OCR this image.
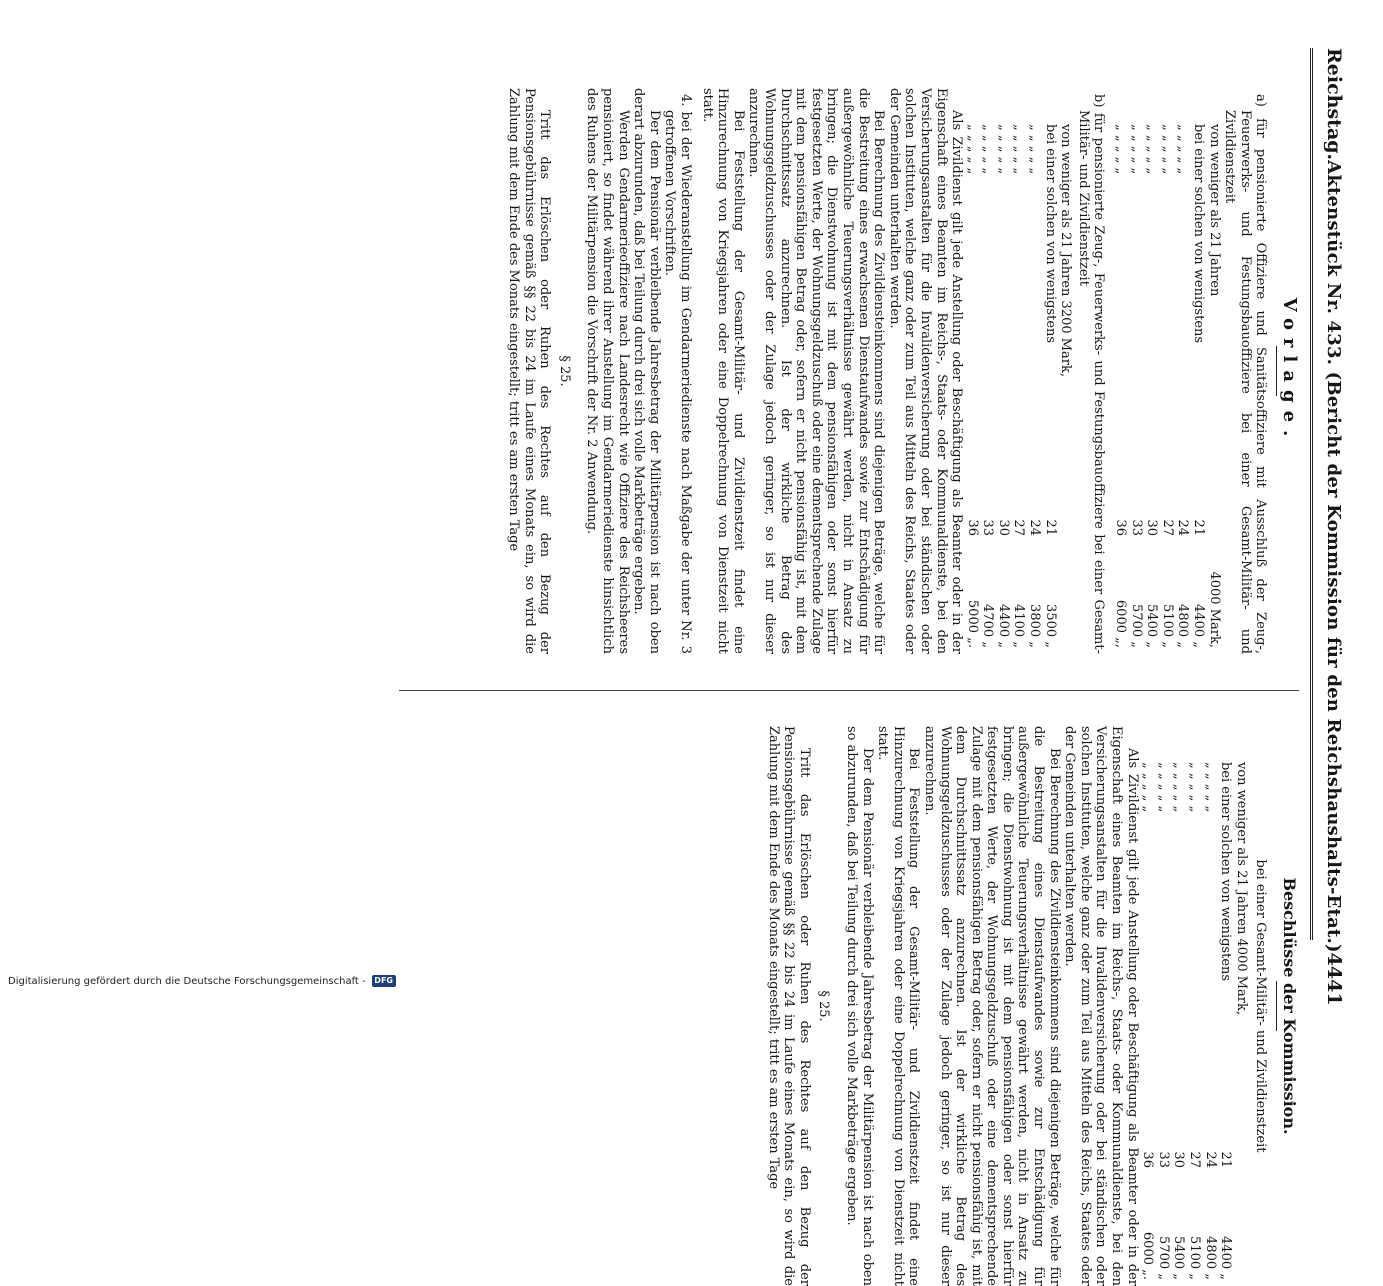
Reichstag.
Aktenstück Nr. 433. (Bericht der Kommission für den Reichshaushalts-Etat.)
4441
Vorlage.

a) für pensionierte Offiziere und Sanitätsoffiziere mit Ausschluß der Zeug-, Feuerwerks- und Festungsbauoffiziere bei einer Gesamt-Militär- und Zivildienstzeit

von weniger als 21 Jahren
4000 Mark,
bei einer solchen von wenigstens
21
4400 „
„ „ „ „ „
24
4800 „
„ „ „ „ „
27
5100 „
„ „ „ „ „
30
5400 „
„ „ „ „ „
33
5700 „
„ „ „ „ „
36
6000 „,

b) für pensionierte Zeug-, Feuerwerks- und Festungsbauoffiziere bei einer Gesamt-Militär- und Zivildienstzeit

von weniger als 21 Jahren 3200 Mark,

bei einer solchen von wenigstens
21
3500 „
„ „ „ „ „
24
3800 „
„ „ „ „ „
27
4100 „
„ „ „ „ „
30
4400 „
„ „ „ „ „
33
4700 „
„ „ „ „ „
36
5000 „.

Als Zivildienst gilt jede Anstellung oder Beschäftigung als Beamter oder in der Eigenschaft eines Beamten im Reichs-, Staats- oder Kommunaldienste, bei den Versicherungsanstalten für die Invalidenversicherung oder bei ständischen oder solchen Instituten, welche ganz oder zum Teil aus Mitteln des Reichs, Staates oder der Gemeinden unterhalten werden.

Bei Berechnung des Zivildiensteinkommens sind diejenigen Beträge, welche für die Bestreitung eines erwachsenen Dienstaufwandes sowie zur Entschädigung für außergewöhnliche Teuerungsverhältnisse gewährt werden, nicht in Ansatz zu bringen; die Dienstwohnung ist mit dem pensionsfähigen oder sonst hierfür festgesetzten Werte, der Wohnungsgeldzuschuß oder eine dementsprechende Zulage mit dem pensionsfähigen Betrag oder, sofern er nicht pensionsfähig ist, mit dem Durchschnittssatz anzurechnen. Ist der wirkliche Betrag des Wohnungsgeldzuschusses oder der Zulage jedoch geringer, so ist nur dieser anzurechnen.

Bei Feststellung der Gesamt-Militär- und Zivildienstzeit findet eine Hinzurechnung von Kriegsjahren oder eine Doppelrechnung von Dienstzeit nicht statt.

4. bei der Wiederanstellung im Gendarmeriedienste nach Maßgabe der unter Nr. 3 getroffenen Vorschriften.

Der dem Pensionär verbleibende Jahresbetrag der Militärpension ist nach oben derart abzurunden, daß bei Teilung durch drei sich volle Markbeträge ergeben.

Werden Gendarmerieoffiziere nach Landesrecht wie Offiziere des Reichsheeres pensioniert, so findet während ihrer Anstellung im Gendarmeriedienste hinsichtlich des Ruhens der Militärpension die Vorschrift der Nr. 2 Anwendung.

§ 25.

Tritt das Erlöschen oder Ruhen des Rechtes auf den Bezug der Pensionsgebührnisse gemäß §§ 22 bis 24 im Laufe eines Monats ein, so wird die Zahlung mit dem Ende des Monats eingestellt; tritt es am ersten Tage

Beschlüsse der Kommission.

bei einer Gesamt-Militär- und Zivildienstzeit

von weniger als 21 Jahren 4000 Mark,

bei einer solchen von wenigstens
21
4400 „
„ „ „ „ „
24
4800 „
„ „ „ „ „
27
5100 „
„ „ „ „ „
30
5400 „
„ „ „ „ „
33
5700 „
„ „ „ „ „
36
6000 „.

Als Zivildienst gilt jede Anstellung oder Beschäftigung als Beamter oder in der Eigenschaft eines Beamten im Reichs-, Staats- oder Kommunaldienste, bei den Versicherungsanstalten für die Invalidenversicherung oder bei ständischen oder solchen Instituten, welche ganz oder zum Teil aus Mitteln des Reichs, Staates oder der Gemeinden unterhalten werden.

Bei Berechnung des Zivildiensteinkommens sind diejenigen Beträge, welche für die Bestreitung eines Dienstaufwandes sowie zur Entschädigung für außergewöhnliche Teuerungsverhältnisse gewährt werden, nicht in Ansatz zu bringen; die Dienstwohnung ist mit dem pensionsfähigen oder sonst hierfür festgesetzten Werte, der Wohnungsgeldzuschuß oder eine dementsprechende Zulage mit dem pensionsfähigen Betrag oder, sofern er nicht pensionsfähig ist, mit dem Durchschnittssatz anzurechnen. Ist der wirkliche Betrag des Wohnungsgeldzuschusses oder der Zulage jedoch geringer, so ist nur dieser anzurechnen.

Bei Feststellung der Gesamt-Militär- und Zivildienstzeit findet eine Hinzurechnung von Kriegsjahren oder eine Doppelrechnung von Dienstzeit nicht statt.

Der dem Pensionär verbleibende Jahresbetrag der Militärpension ist nach oben so abzurunden, daß bei Teilung durch drei sich volle Markbeträge ergeben.

§ 25.

Tritt das Erlöschen oder Ruhen des Rechtes auf den Bezug der Pensionsgebührnisse gemäß §§ 22 bis 24 im Laufe eines Monats ein, so wird die Zahlung mit dem Ende des Monats eingestellt; tritt es am ersten Tage

Digitalisierung gefördert durch die Deutsche Forschungsgemeinschaft -	DFG
